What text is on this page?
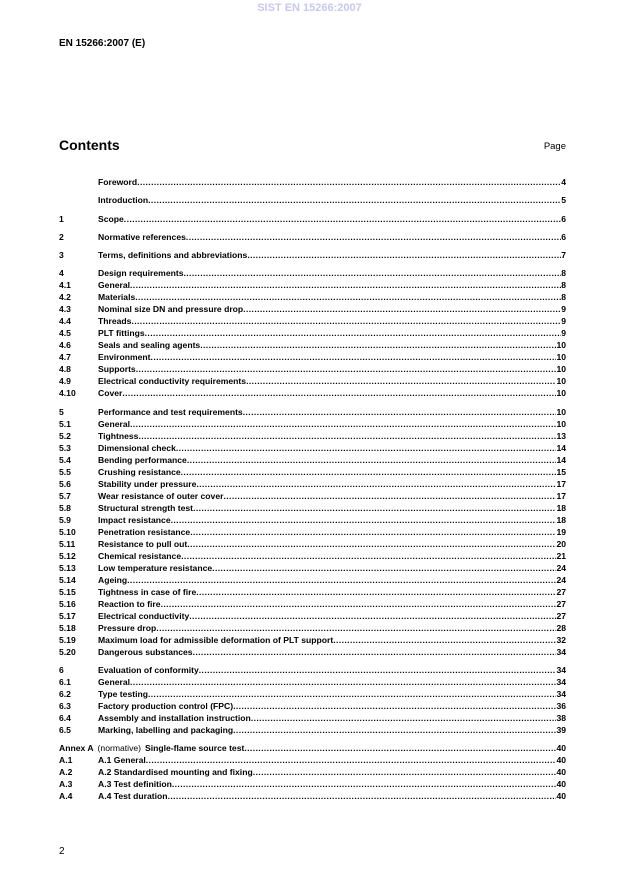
SIST EN 15266:2007
EN 15266:2007 (E)
Contents	Page
Foreword .....	4
Introduction .....	5
1	Scope .....	6
2	Normative references .....	6
3	Terms, definitions and abbreviations .....	7
4	Design requirements .....	8
4.1	General .....	8
4.2	Materials .....	8
4.3	Nominal size DN and pressure drop .....	9
4.4	Threads .....	9
4.5	PLT fittings .....	9
4.6	Seals and sealing agents .....	10
4.7	Environment .....	10
4.8	Supports .....	10
4.9	Electrical conductivity requirements .....	10
4.10	Cover .....	10
5	Performance and test requirements .....	10
5.1	General .....	10
5.2	Tightness .....	13
5.3	Dimensional check .....	14
5.4	Bending performance .....	14
5.5	Crushing resistance .....	15
5.6	Stability under pressure .....	17
5.7	Wear resistance of outer cover .....	17
5.8	Structural strength test .....	18
5.9	Impact resistance .....	18
5.10	Penetration resistance .....	19
5.11	Resistance to pull out .....	20
5.12	Chemical resistance .....	21
5.13	Low temperature resistance .....	24
5.14	Ageing .....	24
5.15	Tightness in case of fire .....	27
5.16	Reaction to fire .....	27
5.17	Electrical conductivity .....	27
5.18	Pressure drop .....	28
5.19	Maximum load for admissible deformation of PLT support .....	32
5.20	Dangerous substances .....	34
6	Evaluation of conformity .....	34
6.1	General .....	34
6.2	Type testing .....	34
6.3	Factory production control (FPC) .....	36
6.4	Assembly and installation instruction .....	38
6.5	Marking, labelling and packaging .....	39
Annex A (normative) Single-flame source test .....	40
A.1	A.1 General .....	40
A.2	A.2 Standardised mounting and fixing .....	40
A.3	A.3 Test definition .....	40
A.4	A.4 Test duration .....	40
2
